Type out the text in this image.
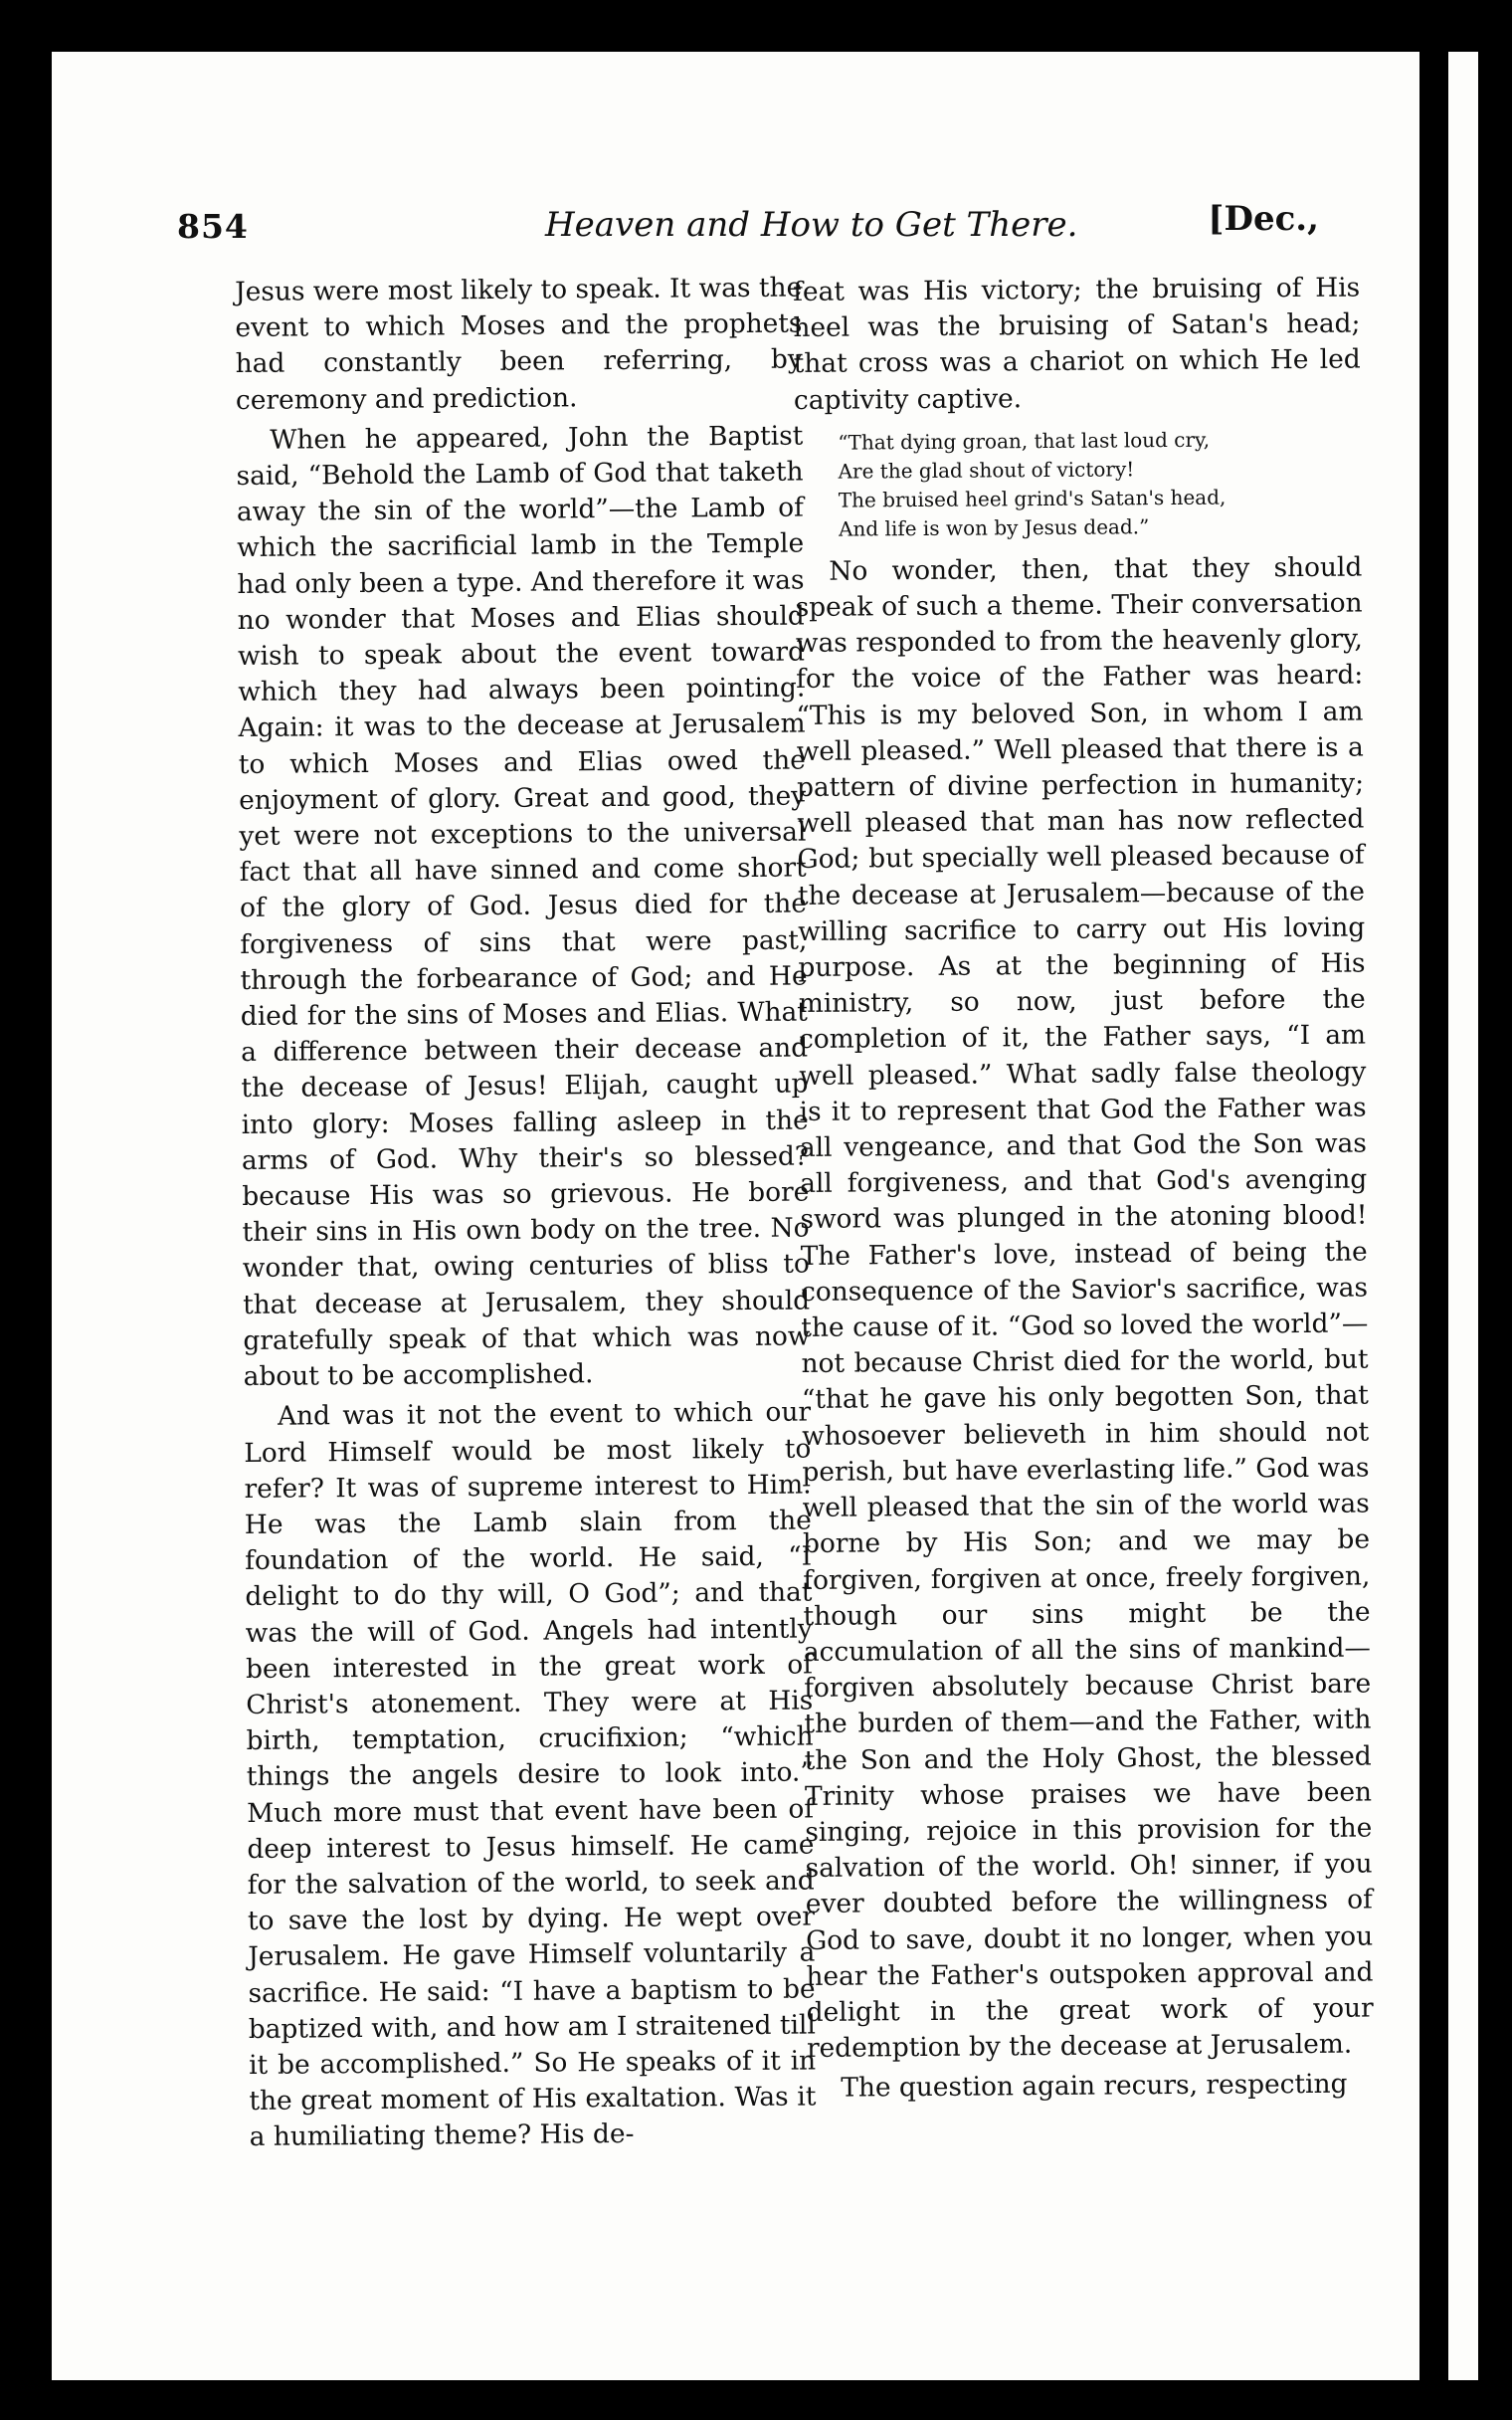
854	Heaven and How to Get There.	[Dec.,

Jesus were most likely to speak. It was the event to which Moses and the prophets had constantly been referring, by ceremony and prediction.

When he appeared, John the Baptist said, “Behold the Lamb of God that taketh away the sin of the world”—the Lamb of which the sacrificial lamb in the Temple had only been a type. And therefore it was no wonder that Moses and Elias should wish to speak about the event toward which they had always been pointing. Again: it was to the decease at Jerusalem to which Moses and Elias owed the enjoyment of glory. Great and good, they yet were not exceptions to the universal fact that all have sinned and come short of the glory of God. Jesus died for the forgiveness of sins that were past, through the forbearance of God; and He died for the sins of Moses and Elias. What a difference between their decease and the decease of Jesus! Elijah, caught up into glory: Moses falling asleep in the arms of God. Why their's so blessed? because His was so grievous. He bore their sins in His own body on the tree. No wonder that, owing centuries of bliss to that decease at Jerusalem, they should gratefully speak of that which was now about to be accomplished.

And was it not the event to which our Lord Himself would be most likely to refer? It was of supreme interest to Him. He was the Lamb slain from the foundation of the world. He said, “I delight to do thy will, O God”; and that was the will of God. Angels had intently been interested in the great work of Christ's atonement. They were at His birth, temptation, crucifixion; “which things the angels desire to look into.” Much more must that event have been of deep interest to Jesus himself. He came for the salvation of the world, to seek and to save the lost by dying. He wept over Jerusalem. He gave Himself voluntarily a sacrifice. He said: “I have a baptism to be baptized with, and how am I straitened till it be accomplished.” So He speaks of it in the great moment of His exaltation. Was it a humiliating theme? His de-

feat was His victory; the bruising of His heel was the bruising of Satan's head; that cross was a chariot on which He led captivity captive.

“That dying groan, that last loud cry,
Are the glad shout of victory!
The bruised heel grind's Satan's head,
And life is won by Jesus dead.”

No wonder, then, that they should speak of such a theme. Their conversation was responded to from the heavenly glory, for the voice of the Father was heard: “This is my beloved Son, in whom I am well pleased.” Well pleased that there is a pattern of divine perfection in humanity; well pleased that man has now reflected God; but specially well pleased because of the decease at Jerusalem—because of the willing sacrifice to carry out His loving purpose. As at the beginning of His ministry, so now, just before the completion of it, the Father says, “I am well pleased.” What sadly false theology is it to represent that God the Father was all vengeance, and that God the Son was all forgiveness, and that God's avenging sword was plunged in the atoning blood! The Father's love, instead of being the consequence of the Savior's sacrifice, was the cause of it. “God so loved the world”—not because Christ died for the world, but “that he gave his only begotten Son, that whosoever believeth in him should not perish, but have everlasting life.” God was well pleased that the sin of the world was borne by His Son; and we may be forgiven, forgiven at once, freely forgiven, though our sins might be the accumulation of all the sins of mankind—forgiven absolutely because Christ bare the burden of them—and the Father, with the Son and the Holy Ghost, the blessed Trinity whose praises we have been singing, rejoice in this provision for the salvation of the world. Oh! sinner, if you ever doubted before the willingness of God to save, doubt it no longer, when you hear the Father's outspoken approval and delight in the great work of your redemption by the decease at Jerusalem.

The question again recurs, respecting
